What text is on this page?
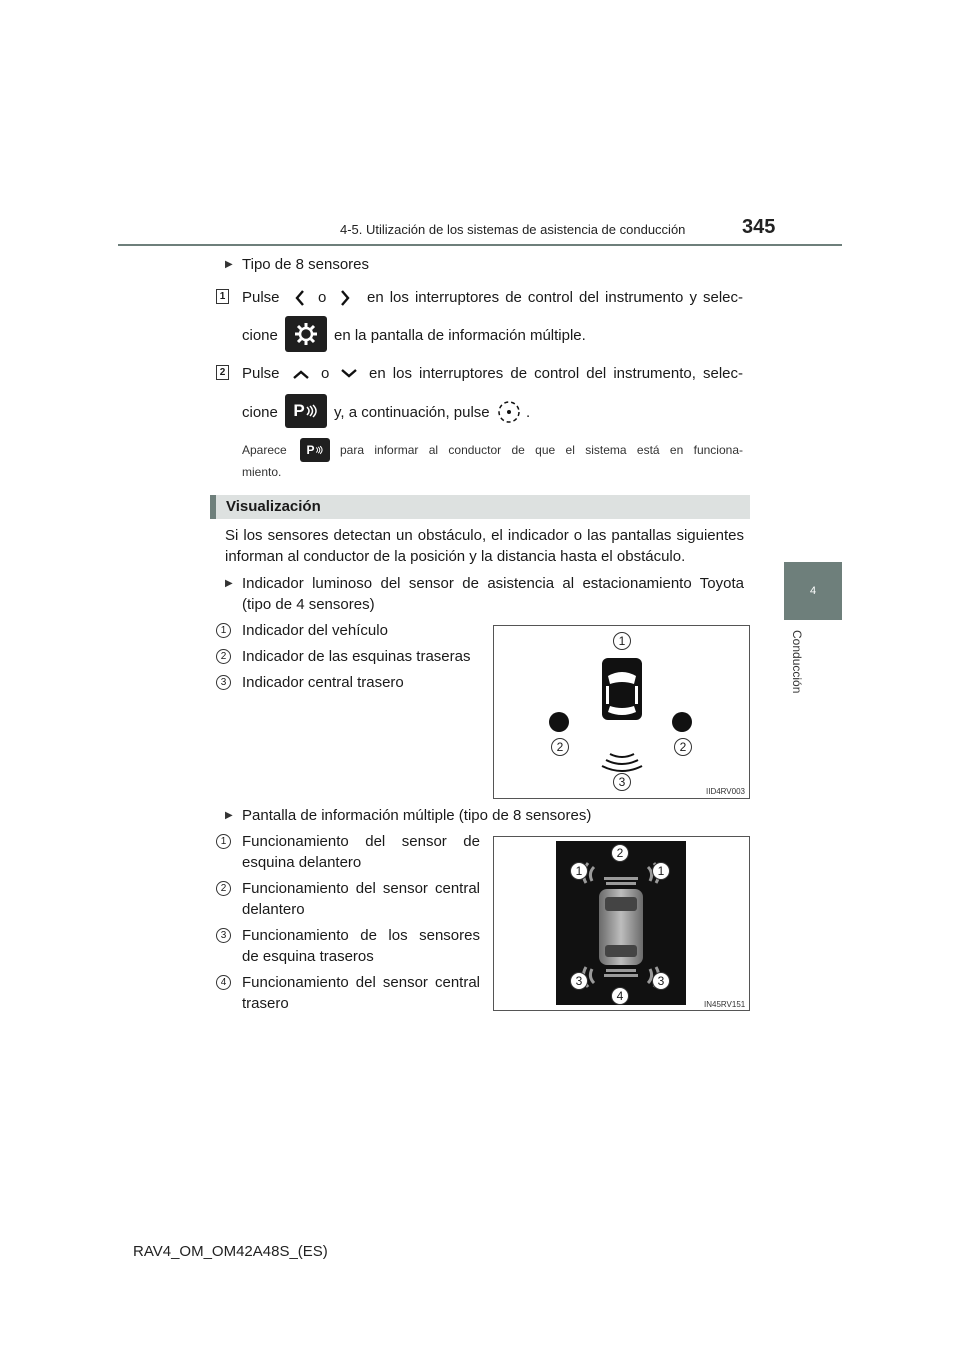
4-5. Utilización de los sistemas de asistencia de conducción	345
4
Conducción
▶ Tipo de 8 sensores
1 Pulse	o	en los interruptores de control del instrumento y selec-
cione	en la pantalla de información múltiple.
2 Pulse	o	en los interruptores de control del instrumento, selec-
cione P y, a continuación, pulse .
Aparece P para informar al conductor de que el sistema está en funciona-
miento.
Visualización
Si los sensores detectan un obstáculo, el indicador o las pantallas siguientes
informan al conductor de la posición y la distancia hasta el obstáculo.
▶ Indicador luminoso del sensor de asistencia al estacionamiento Toyota
(tipo de 4 sensores)
1	Indicador del vehículo
2	Indicador de las esquinas traseras
3	Indicador central trasero
1
2	2
3
IID4RV003
▶ Pantalla de información múltiple (tipo de 8 sensores)
1	Funcionamiento del sensor de
esquina delantero
2	Funcionamiento del sensor central
delantero
3	Funcionamiento de los sensores
de esquina traseros
4	Funcionamiento del sensor central
trasero
2
1	1
3	3
4
IN45RV151
RAV4_OM_OM42A48S_(ES)
